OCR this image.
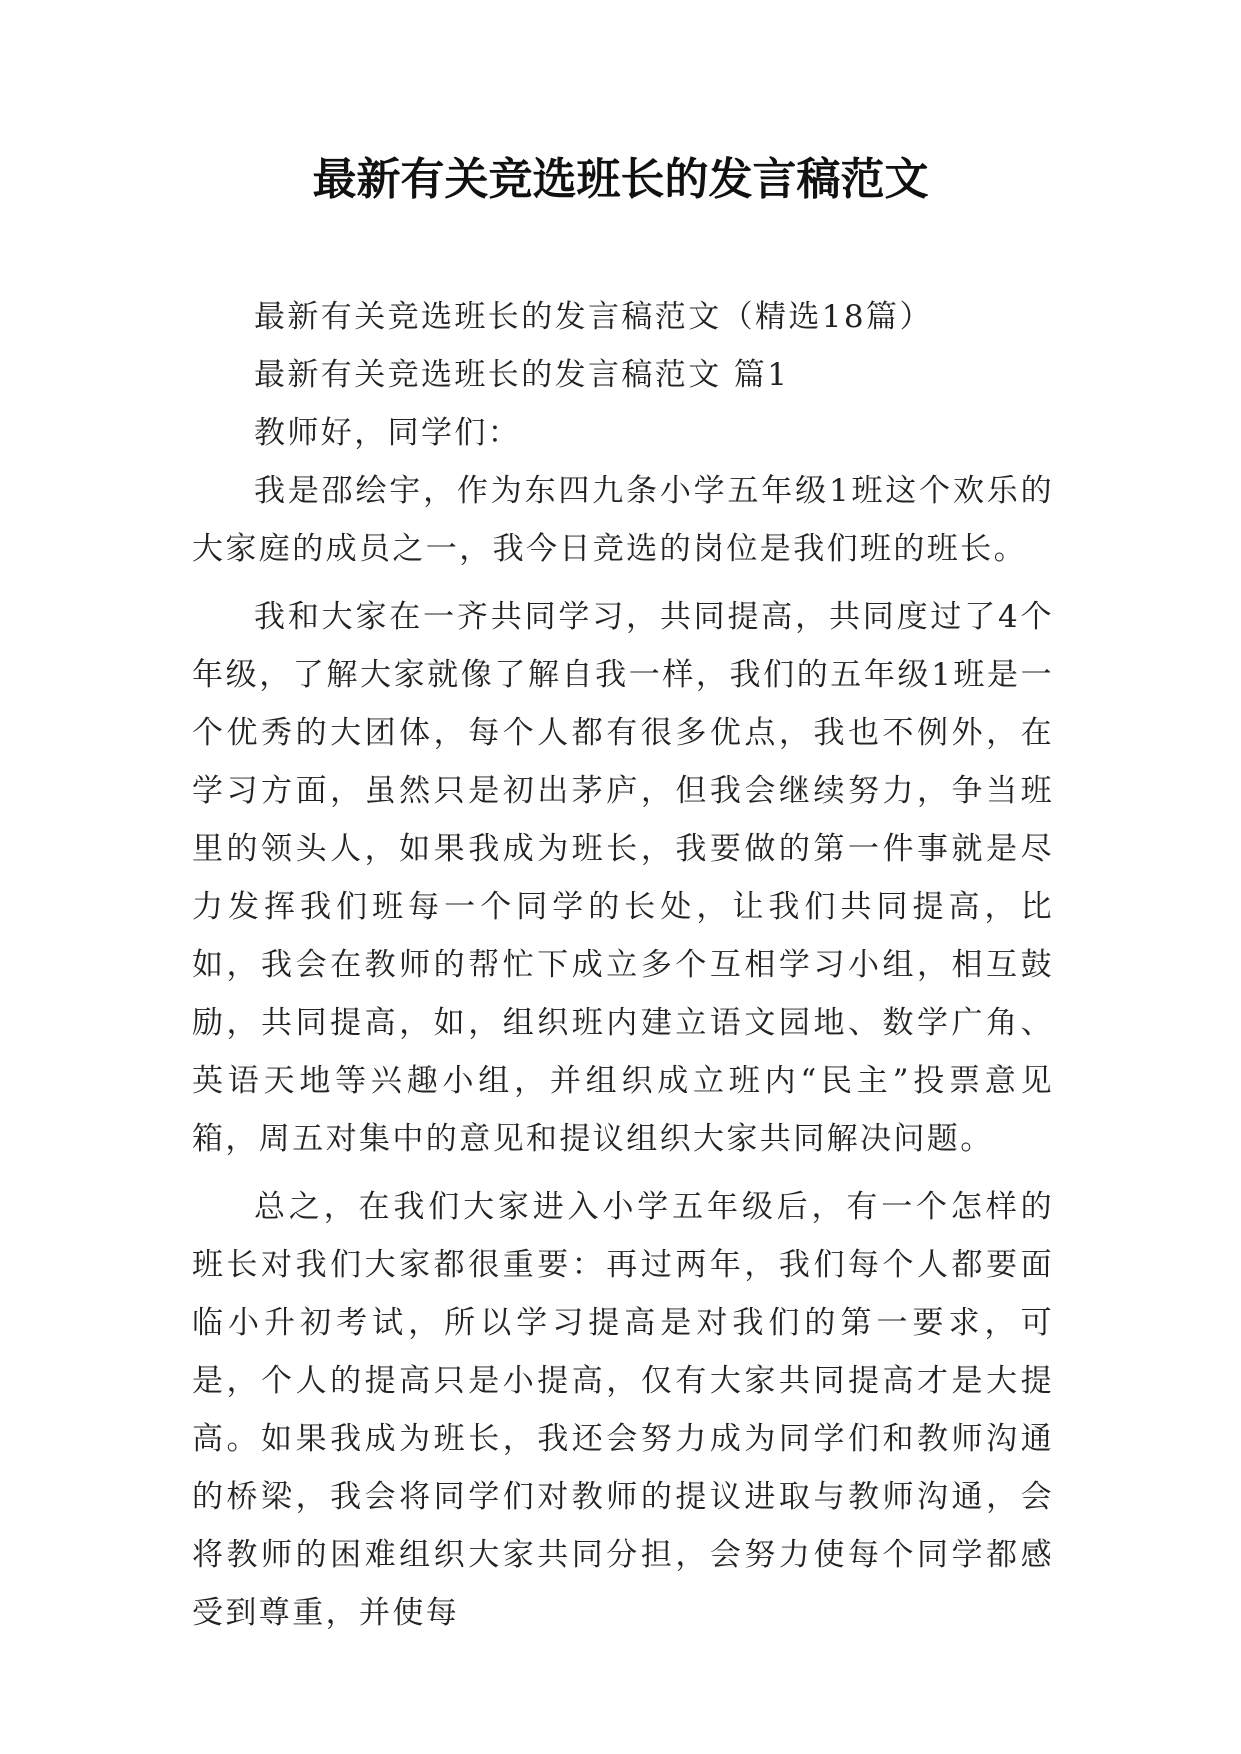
最新有关竞选班长的发言稿范文

最新有关竞选班长的发言稿范文（精选18篇）

最新有关竞选班长的发言稿范文 篇1

教师好，同学们：

我是邵绘宇，作为东四九条小学五年级1班这个欢乐的大家庭的成员之一，我今日竞选的岗位是我们班的班长。

我和大家在一齐共同学习，共同提高，共同度过了4个年级，了解大家就像了解自我一样，我们的五年级1班是一个优秀的大团体，每个人都有很多优点，我也不例外，在学习方面，虽然只是初出茅庐，但我会继续努力，争当班里的领头人，如果我成为班长，我要做的第一件事就是尽力发挥我们班每一个同学的长处，让我们共同提高，比如，我会在教师的帮忙下成立多个互相学习小组，相互鼓励，共同提高，如，组织班内建立语文园地、数学广角、英语天地等兴趣小组，并组织成立班内“民主”投票意见箱，周五对集中的意见和提议组织大家共同解决问题。

总之，在我们大家进入小学五年级后，有一个怎样的班长对我们大家都很重要：再过两年，我们每个人都要面临小升初考试，所以学习提高是对我们的第一要求，可是，个人的提高只是小提高，仅有大家共同提高才是大提高。如果我成为班长，我还会努力成为同学们和教师沟通的桥梁，我会将同学们对教师的提议进取与教师沟通，会将教师的困难组织大家共同分担，会努力使每个同学都感受到尊重，并使每
